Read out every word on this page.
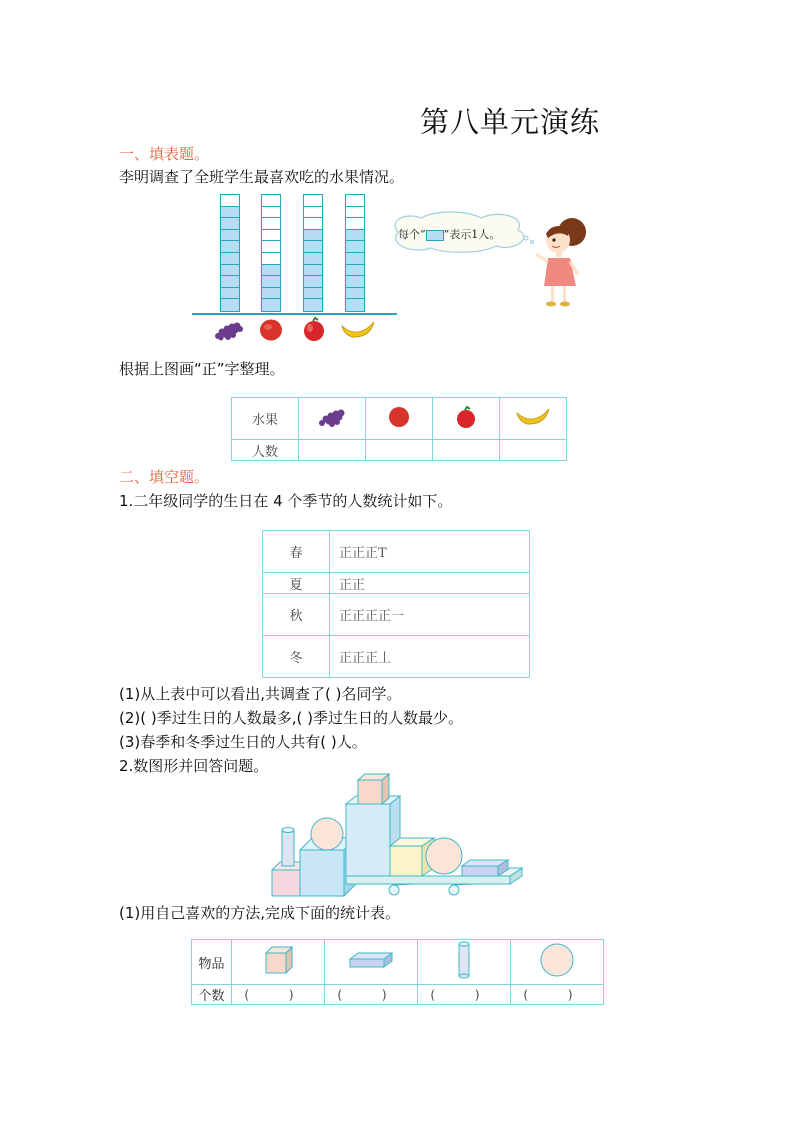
第八单元演练
一、填表题。
李明调查了全班学生最喜欢吃的水果情况。
每个“ ”表示1人。
根据上图画“正”字整理。
水果				
人数				
二、填空题。
1.二年级同学的生日在 4 个季节的人数统计如下。
春	正正正T
夏	正正
秋	正正正正一
冬	正正正丄
(1)从上表中可以看出,共调查了( )名同学。
(2)( )季过生日的人数最多,( )季过生日的人数最少。
(3)春季和冬季过生日的人共有( )人。
2.数图形并回答问题。
(1)用自己喜欢的方法,完成下面的统计表。
物品				
个数	( )	( )	( )	( )
